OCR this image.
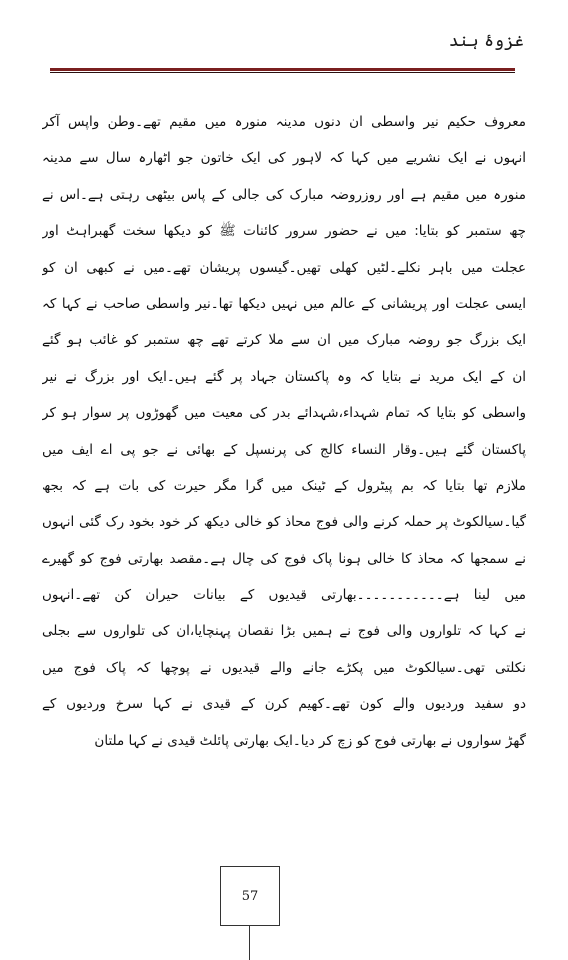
غزوۂ ہند
معروف حکیم نیر واسطی ان دنوں مدینہ منورہ میں مقیم تھے۔وطن واپس آکر
انہوں نے ایک نشریے میں کہا کہ لاہور کی ایک خاتون جو اٹھارہ سال سے مدینہ
منورہ میں مقیم ہے اور روزروضہ مبارک کی جالی کے پاس بیٹھی رہتی ہے۔اس نے
چھ ستمبر کو بتایا: میں نے حضور سرور کائنات ﷺ کو دیکھا سخت گھبراہٹ اور
عجلت میں باہر نکلے۔لٹیں کھلی تھیں۔گیسوں پریشان تھے۔میں نے کبھی ان کو
ایسی عجلت اور پریشانی کے عالم میں نہیں دیکھا تھا۔نیر واسطی صاحب نے کہا کہ
ایک بزرگ جو روضہ مبارک میں ان سے ملا کرتے تھے چھ ستمبر کو غائب ہو گئے
ان کے ایک مرید نے بتایا کہ وہ پاکستان جہاد پر گئے ہیں۔ایک اور بزرگ نے نیر
واسطی کو بتایا کہ تمام شہداء،شہدائے بدر کی معیت میں گھوڑوں پر سوار ہو کر
پاکستان گئے ہیں۔وقار النساء کالج کی پرنسپل کے بھائی نے جو پی اے ایف میں
ملازم تھا بتایا کہ بم پیٹرول کے ٹینک میں گرا مگر حیرت کی بات ہے کہ بجھ
گیا۔سیالکوٹ پر حملہ کرنے والی فوج محاذ کو خالی دیکھ کر خود بخود رک گئی انہوں
نے سمجھا کہ محاذ کا خالی ہونا پاک فوج کی چال ہے۔مقصد بھارتی فوج کو گھیرے
میں لینا ہے۔۔۔۔۔۔۔۔۔۔۔بھارتی قیدیوں کے بیانات حیران کن تھے۔انہوں
نے کہا کہ تلواروں والی فوج نے ہمیں بڑا نقصان پہنچایا،ان کی تلواروں سے بجلی
نکلتی تھی۔سیالکوٹ میں پکڑے جانے والے قیدیوں نے پوچھا کہ پاک فوج میں
دو سفید وردیوں والے کون تھے۔کھیم کرن کے قیدی نے کہا سرخ وردیوں کے
گھڑ سواروں نے بھارتی فوج کو زچ کر دیا۔ایک بھارتی پائلٹ قیدی نے کہا ملتان
57
